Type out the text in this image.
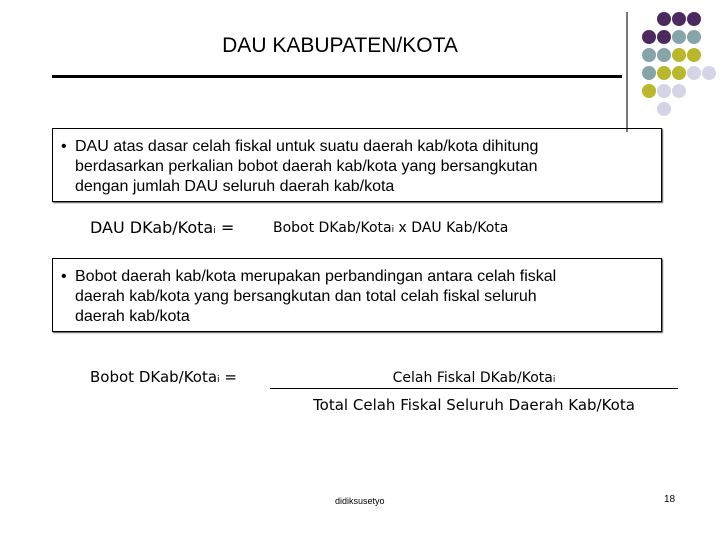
DAU KABUPATEN/KOTA
• DAU atas dasar celah fiskal untuk suatu daerah kab/kota dihitung
berdasarkan perkalian bobot daerah kab/kota yang bersangkutan
dengan jumlah DAU seluruh daerah kab/kota
DAU DKab/Kotai =	Bobot DKab/Kotai x DAU Kab/Kota
• Bobot daerah kab/kota merupakan perbandingan antara celah fiskal
daerah kab/kota yang bersangkutan dan total celah fiskal seluruh
daerah kab/kota
Bobot DKab/Kotai =	Celah Fiskal DKab/Kotai
Total Celah Fiskal Seluruh Daerah Kab/Kota
didiksusetyo	18
